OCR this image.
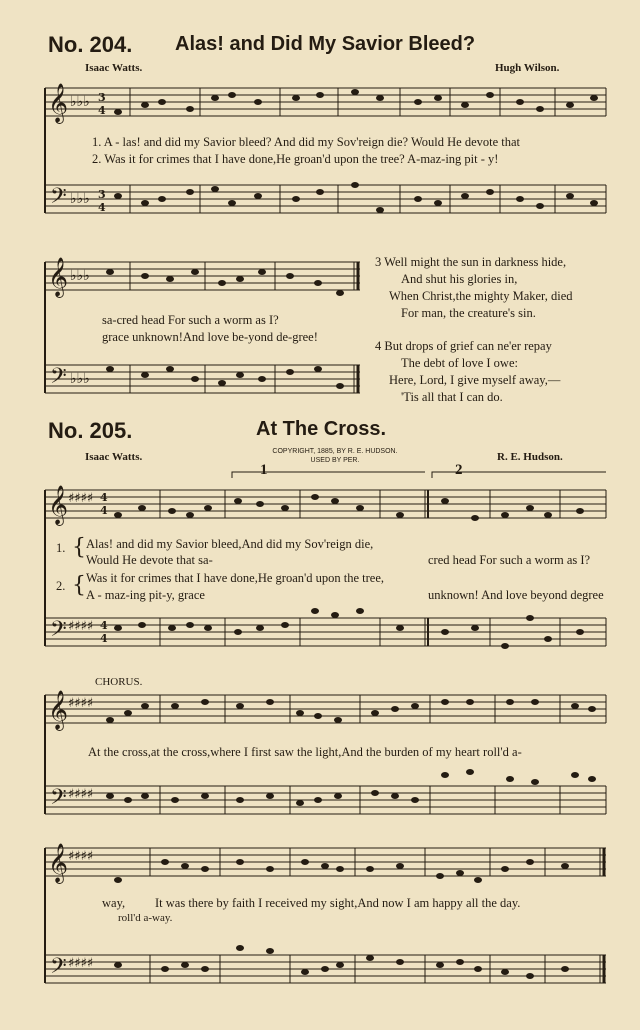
No. 204. Alas! and Did My Savior Bleed?
Isaac Watts.	Hugh Wilson.
𝄞 ♭♭♭ 3
4
𝄢 ♭♭♭ 3
4
1. A - las! and did my Savior bleed? And did my Sov'reign die? Would He devote that
2. Was it for crimes that I have done,He groan'd upon the tree? A-maz-ing pit - y!
𝄞 ♭♭♭
𝄢 ♭♭♭
sa-cred head For such a worm as I?
grace unknown!And love be-yond de-gree!
3 Well might the sun in darkness hide,
And shut his glories in,
When Christ,the mighty Maker, died
For man, the creature's sin.
4 But drops of grief can ne'er repay
The debt of love I owe:
Here, Lord, I give myself away,—
'Tis all that I can do.
No. 205.	At The Cross.
COPYRIGHT, 1885, BY R. E. HUDSON.
USED BY PER.
Isaac Watts.	R. E. Hudson.
1	2
𝄞 ♯♯♯♯ 4
4
𝄢 ♯♯♯♯ 4
4
1. { Alas! and did my Savior bleed,And did my Sov'reign die,
Would He devote that sa-	cred head For such a worm as I?
2. { Was it for crimes that I have done,He groan'd upon the tree,
A - maz-ing pit-y, grace	unknown! And love beyond degree
CHORUS.
𝄞 ♯♯♯♯
𝄢 ♯♯♯♯
At the cross,at the cross,where I first saw the light,And the burden of my heart roll'd a-
𝄞 ♯♯♯♯
𝄢 ♯♯♯♯
way, It was there by faith I received my sight,And now I am happy all the day.
roll'd a-way.
